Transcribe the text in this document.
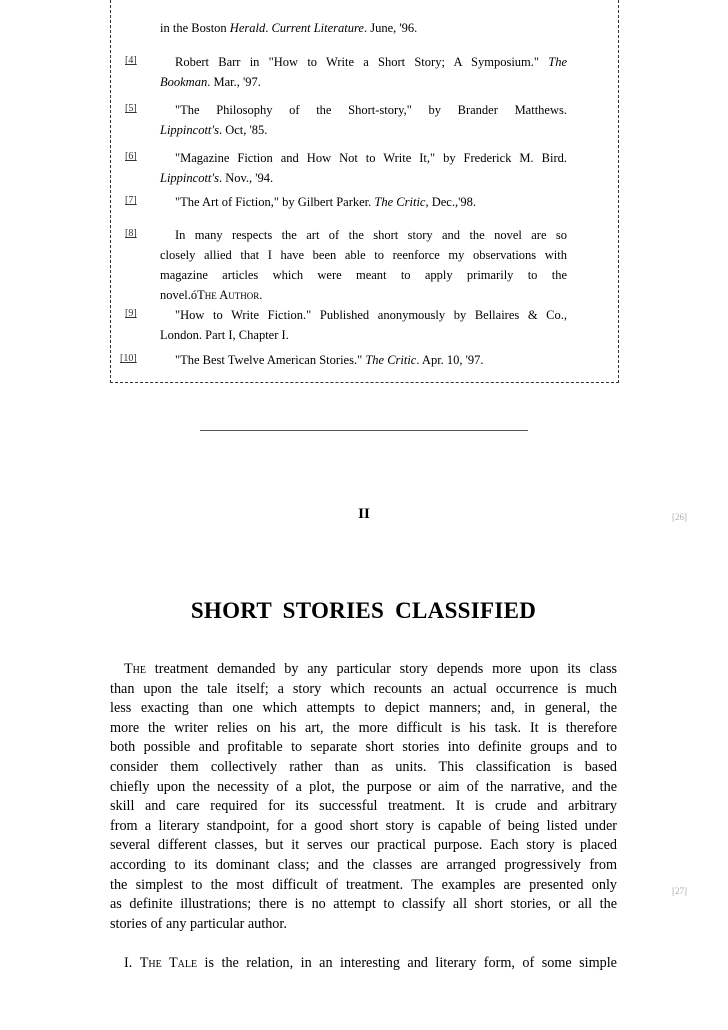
in the Boston Herald. Current Literature. June, '96.
[4]	Robert Barr in "How to Write a Short Story; A Symposium." The
Bookman. Mar., '97.
[5]	"The Philosophy of the Short-story," by Brander Matthews.
Lippincott's. Oct, '85.
[6]	"Magazine Fiction and How Not to Write It," by Frederick M. Bird.
Lippincott's. Nov., '94.
[7]	"The Art of Fiction," by Gilbert Parker. The Critic, Dec.,'98.
[8]	In many respects the art of the short story and the novel are so
closely allied that I have been able to reenforce my observations with
magazine articles which were meant to apply primarily to the
novel.óThe Author.
[9]	"How to Write Fiction." Published anonymously by Bellaires & Co.,
London. Part I, Chapter I.
[10]	"The Best Twelve American Stories." The Critic. Apr. 10, '97.
II	[26]
SHORT STORIES CLASSIFIED
The treatment demanded by any particular story depends more upon its class
than upon the tale itself; a story which recounts an actual occurrence is much
less exacting than one which attempts to depict manners; and, in general, the
more the writer relies on his art, the more difficult is his task. It is therefore
both possible and profitable to separate short stories into definite groups and to
consider them collectively rather than as units. This classification is based
chiefly upon the necessity of a plot, the purpose or aim of the narrative, and the
skill and care required for its successful treatment. It is crude and arbitrary
from a literary standpoint, for a good short story is capable of being listed under
several different classes, but it serves our practical purpose. Each story is placed
according to its dominant class; and the classes are arranged progressively from
the simplest to the most difficult of treatment. The examples are presented only
as definite illustrations; there is no attempt to classify all short stories, or all the
stories of any particular author.
[27]
I. The Tale is the relation, in an interesting and literary form, of some simple
